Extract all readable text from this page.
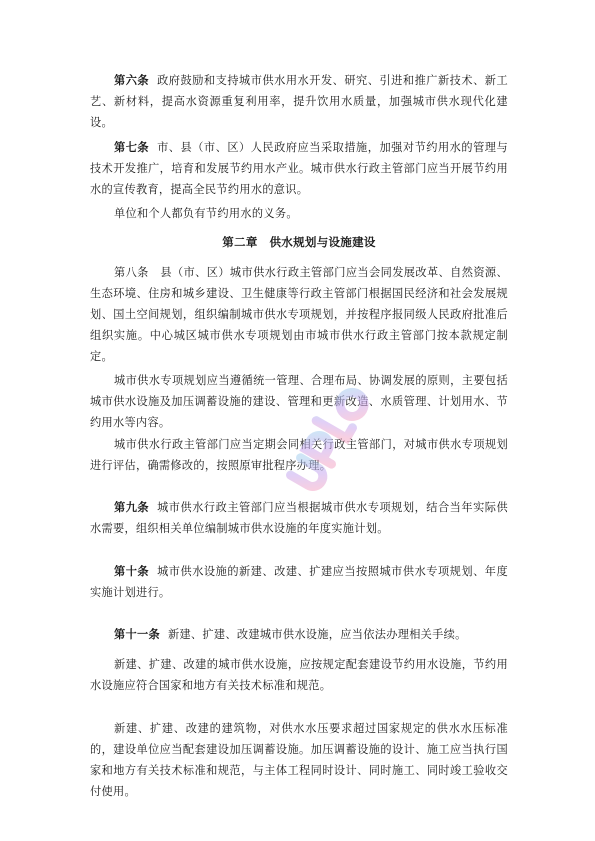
第六条 政府鼓励和支持城市供水用水开发、研究、引进和推广新技术、新工艺、新材料，提高水资源重复利用率，提升饮用水质量，加强城市供水现代化建设。

第七条 市、县（市、区）人民政府应当采取措施，加强对节约用水的管理与技术开发推广，培育和发展节约用水产业。城市供水行政主管部门应当开展节约用水的宣传教育，提高全民节约用水的意识。

单位和个人都负有节约用水的义务。

第二章　供水规划与设施建设

第八条　县（市、区）城市供水行政主管部门应当会同发展改革、自然资源、生态环境、住房和城乡建设、卫生健康等行政主管部门根据国民经济和社会发展规划、国土空间规划，组织编制城市供水专项规划，并按程序报同级人民政府批准后组织实施。中心城区城市供水专项规划由市城市供水行政主管部门按本款规定制定。

城市供水专项规划应当遵循统一管理、合理布局、协调发展的原则，主要包括城市供水设施及加压调蓄设施的建设、管理和更新改造、水质管理、计划用水、节约用水等内容。

城市供水行政主管部门应当定期会同相关行政主管部门，对城市供水专项规划进行评估，确需修改的，按照原审批程序办理。

第九条 城市供水行政主管部门应当根据城市供水专项规划，结合当年实际供水需要，组织相关单位编制城市供水设施的年度实施计划。

第十条 城市供水设施的新建、改建、扩建应当按照城市供水专项规划、年度实施计划进行。

第十一条 新建、扩建、改建城市供水设施，应当依法办理相关手续。

新建、扩建、改建的城市供水设施，应按规定配套建设节约用水设施，节约用水设施应符合国家和地方有关技术标准和规范。

新建、扩建、改建的建筑物，对供水水压要求超过国家规定的供水水压标准的，建设单位应当配套建设加压调蓄设施。加压调蓄设施的设计、施工应当执行国家和地方有关技术标准和规范，与主体工程同时设计、同时施工、同时竣工验收交付使用。
